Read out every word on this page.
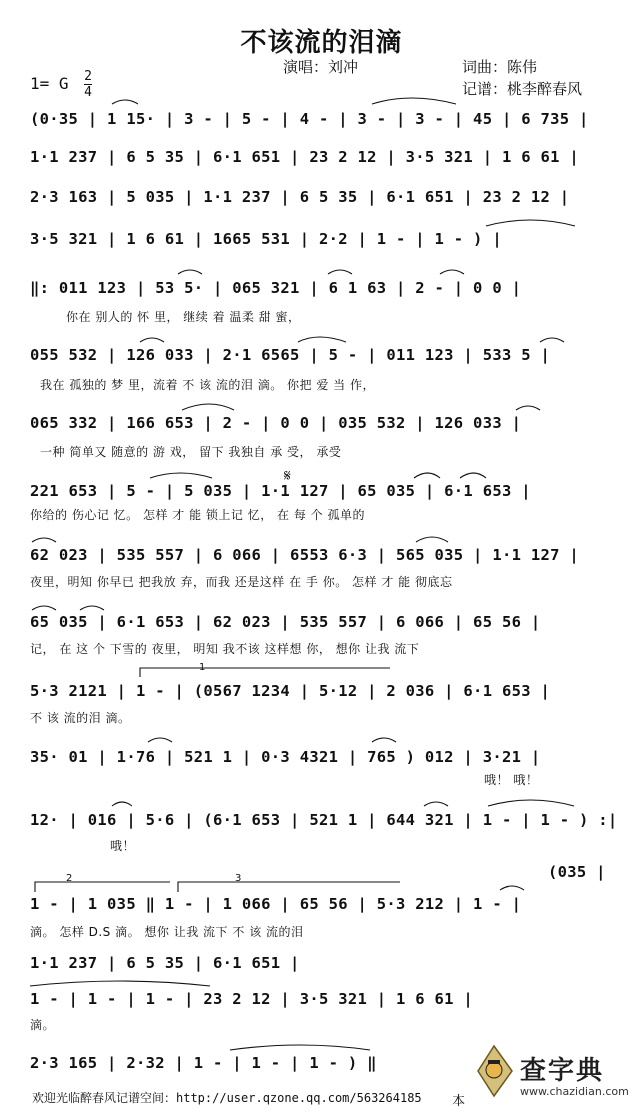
不该流的泪滴
演唱：刘冲	词曲：陈伟
记谱：桃李醉春风
1= G $\frac{2}{4}$
(0·35 | 1 15· | 3 - | 5 - | 4 - | 3 - | 3 - | 45 | 6 735 |
1·1 237 | 6 5 35 | 6·1 651 | 23 2 12 | 3·5 321 | 1 6 61 |
2·3 163 | 5 035 | 1·1 237 | 6 5 35 | 6·1 651 | 23 2 12 |
3·5 321 | 1 6 61 | 1665 531 | 2·2 | 1 - | 1 - ) |
‖: 011 123 | 53 5· | 065 321 | 6 1 63 | 2 - | 0 0 |
你在 别人的 怀 里， 继续 着 温柔 甜 蜜，
055 532 | 126 033 | 2·1 6565 | 5 - | 011 123 | 533 5 |
我在 孤独的 梦 里，流着 不 该 流的泪 滴。 你把 爱 当 作，
065 332 | 166 653 | 2 - | 0 0 | 035 532 | 126 033 |
一种 简单又 随意的 游 戏， 留下 我独自 承 受， 承受
221 653 | 5 - | 5 035 | 1·1 127 | 65 035 | 6·1 653 |
你给的 伤心记 忆。 怎样 才 能 锁上记 忆， 在 每 个 孤单的
𝄋
62 023 | 535 557 | 6 066 | 6553 6·3 | 565 035 | 1·1 127 |
夜里，明知 你早已 把我放 弃，而我 还是这样 在 手 你。 怎样 才 能 彻底忘
65 035 | 6·1 653 | 62 023 | 535 557 | 6 066 | 65 56 |
记， 在 这 个 下雪的 夜里， 明知 我不该 这样想 你， 想你 让我 流下
5·3 2121 | 1 - | (0567 1234 | 5·12 | 2 036 | 6·1 653 |
不 该 流的泪 滴。
1
35· 01 | 1·76 | 521 1 | 0·3 4321 | 765 ) 012 | 3·21 |
哦！ 哦！
12· | 016 | 5·6 | (6·1 653 | 521 1 | 644 321 | 1 - | 1 - ) :|
哦！
(035 |
1 - | 1 035 ‖ 1 - | 1 066 | 65 56 | 5·3 212 | 1 - |
滴。 怎样 D.S 滴。 想你 让我 流下 不 该 流的泪
2	3
1·1 237 | 6 5 35 | 6·1 651 |
1 - | 1 - | 1 - | 23 2 12 | 3·5 321 | 1 6 61 |
滴。
2·3 165 | 2·32 | 1 - | 1 - | 1 - ) ‖
欢迎光临醉春风记谱空间：http://user.qzone.qq.com/563264185 本
查字典
www.chazidian.com
